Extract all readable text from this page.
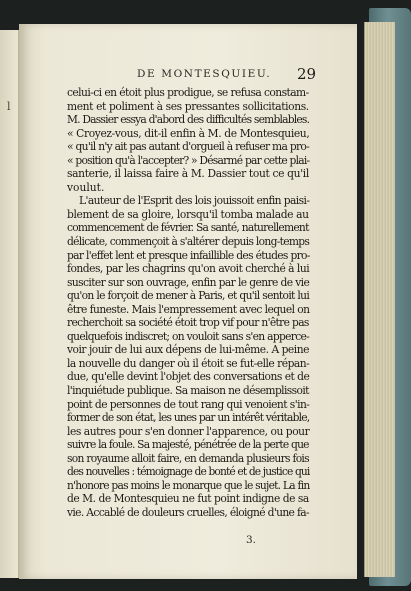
l
DE MONTESQUIEU.	29
celui-ci en étoit plus prodigue, se refusa constam-
ment et poliment à ses pressantes sollicitations.
M. Dassier essya d'abord des difficultés semblables.
« Croyez-vous, dit-il enfin à M. de Montesquieu,
« qu'il n'y ait pas autant d'orgueil à refuser ma pro-
« position qu'à l'accepter? » Désarmé par cette plai-
santerie, il laissa faire à M. Dassier tout ce qu'il
voulut.
L'auteur de l'Esprit des lois jouissoit enfin paisi-
blement de sa gloire, lorsqu'il tomba malade au
commencement de février. Sa santé, naturellement
délicate, commençoit à s'altérer depuis long-temps
par l'effet lent et presque infaillible des études pro-
fondes, par les chagrins qu'on avoit cherché à lui
susciter sur son ouvrage, enfin par le genre de vie
qu'on le forçoit de mener à Paris, et qu'il sentoit lui
être funeste. Mais l'empressement avec lequel on
recherchoit sa société étoit trop vif pour n'être pas
quelquefois indiscret; on vouloit sans s'en apperce-
voir jouir de lui aux dépens de lui-même. A peine
la nouvelle du danger où il étoit se fut-elle répan-
due, qu'elle devint l'objet des conversations et de
l'inquiétude publique. Sa maison ne désemplissoit
point de personnes de tout rang qui venoient s'in-
former de son état, les unes par un intérêt véritable,
les autres pour s'en donner l'apparence, ou pour
suivre la foule. Sa majesté, pénétrée de la perte que
son royaume alloit faire, en demanda plusieurs fois
des nouvelles : témoignage de bonté et de justice qui
n'honore pas moins le monarque que le sujet. La fin
de M. de Montesquieu ne fut point indigne de sa
vie. Accablé de douleurs cruelles, éloigné d'une fa-
3.
